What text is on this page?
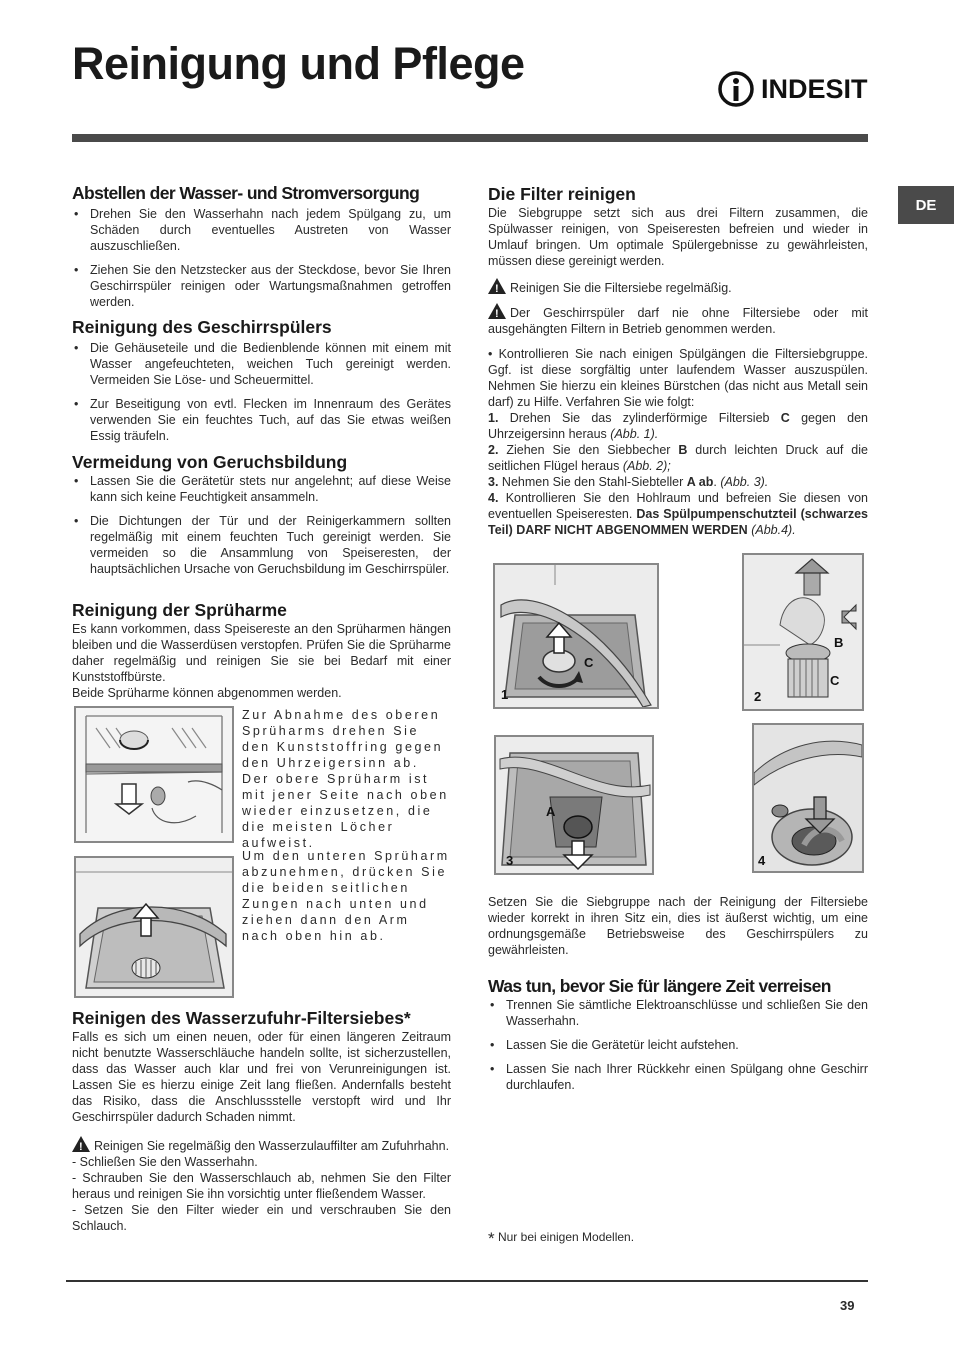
Reinigung und Pflege	INDESIT
DE
Abstellen der Wasser- und Stromversorgung
• Drehen Sie den Wasserhahn nach jedem Spülgang zu, um Schäden durch eventuelles Austreten von Wasser auszuschließen.
• Ziehen Sie den Netzstecker aus der Steckdose, bevor Sie Ihren Geschirrspüler reinigen oder Wartungsmaßnahmen getroffen werden.
Reinigung des Geschirrspülers
• Die Gehäuseteile und die Bedienblende können mit einem mit Wasser angefeuchteten, weichen Tuch gereinigt werden. Vermeiden Sie Löse- und Scheuermittel.
• Zur Beseitigung von evtl. Flecken im Innenraum des Gerätes verwenden Sie ein feuchtes Tuch, auf das Sie etwas weißen Essig träufeln.
Vermeidung von Geruchsbildung
• Lassen Sie die Gerätetür stets nur angelehnt; auf diese Weise kann sich keine Feuchtigkeit ansammeln.
• Die Dichtungen der Tür und der Reinigerkammern sollten regelmäßig mit einem feuchten Tuch gereinigt werden. Sie vermeiden so die Ansammlung von Speiseresten, der hauptsächlichen Ursache von Geruchsbildung im Geschirrspüler.
Reinigung der Sprüharme

Es kann vorkommen, dass Speisereste an den Sprüharmen hängen bleiben und die Wasserdüsen verstopfen. Prüfen Sie die Sprüharme daher regelmäßig und reinigen Sie sie bei Bedarf mit einer Kunststoffbürste.

Beide Sprüharme können abgenommen werden.

Zur Abnahme des oberen Sprüharms drehen Sie den Kunststoffring gegen den Uhrzeigersinn ab. Der obere Sprüharm ist mit jener Seite nach oben wieder einzusetzen, die die meisten Löcher aufweist.
Um den unteren Sprüharm abzunehmen, drücken Sie die beiden seitlichen Zungen nach unten und ziehen dann den Arm nach oben hin ab.
Reinigen des Wasserzufuhr-Filtersiebes*

Falls es sich um einen neuen, oder für einen längeren Zeitraum nicht benutzte Wasserschläuche handeln sollte, ist sicherzustellen, dass das Wasser auch klar und frei von Verunreinigungen ist. Lassen Sie es hierzu einige Zeit lang fließen. Andernfalls besteht das Risiko, dass die Anschlussstelle verstopft wird und Ihr Geschirrspüler dadurch Schaden nimmt.

!Reinigen Sie regelmäßig den Wasserzulauffilter am Zufuhrhahn.

- Schließen Sie den Wasserhahn.

- Schrauben Sie den Wasserschlauch ab, nehmen Sie den Filter heraus und reinigen Sie ihn vorsichtig unter fließendem Wasser.

- Setzen Sie den Filter wieder ein und verschrauben Sie den Schlauch.

Die Filter reinigen

Die Siebgruppe setzt sich aus drei Filtern zusammen, die Spülwasser reinigen, von Speiseresten befreien und wieder in Umlauf bringen. Um optimale Spülergebnisse zu gewährleisten, müssen diese gereinigt werden.

!Reinigen Sie die Filtersiebe regelmäßig.

!Der Geschirrspüler darf nie ohne Filtersiebe oder mit ausgehängten Filtern in Betrieb genommen werden.

• Kontrollieren Sie nach einigen Spülgängen die Filtersiebgruppe. Ggf. ist diese sorgfältig unter laufendem Wasser auszuspülen. Nehmen Sie hierzu ein kleines Bürstchen (das nicht aus Metall sein darf) zu Hilfe. Verfahren Sie wie folgt:

1. Drehen Sie das zylinderförmige Filtersieb C gegen den Uhrzeigersinn heraus (Abb. 1).

2. Ziehen Sie den Siebbecher B durch leichten Druck auf die seitlichen Flügel heraus (Abb. 2);

3. Nehmen Sie den Stahl-Siebteller A ab. (Abb. 3).

4. Kontrollieren Sie den Hohlraum und befreien Sie diesen von eventuellen Speiseresten. Das Spülpumpenschutzteil (schwarzes Teil) DARF NICHT ABGENOMMEN WERDEN (Abb.4).

1
C
2
B
C
3
A
4

Setzen Sie die Siebgruppe nach der Reinigung der Filtersiebe wieder korrekt in ihren Sitz ein, dies ist äußerst wichtig, um eine ordnungsgemäße Betriebsweise des Geschirrspülers zu gewährleisten.

Was tun, bevor Sie für längere Zeit verreisen
• Trennen Sie sämtliche Elektroanschlüsse und schließen Sie den Wasserhahn.
• Lassen Sie die Gerätetür leicht aufstehen.
• Lassen Sie nach Ihrer Rückkehr einen Spülgang ohne Geschirr durchlaufen.
* Nur bei einigen Modellen.
39
